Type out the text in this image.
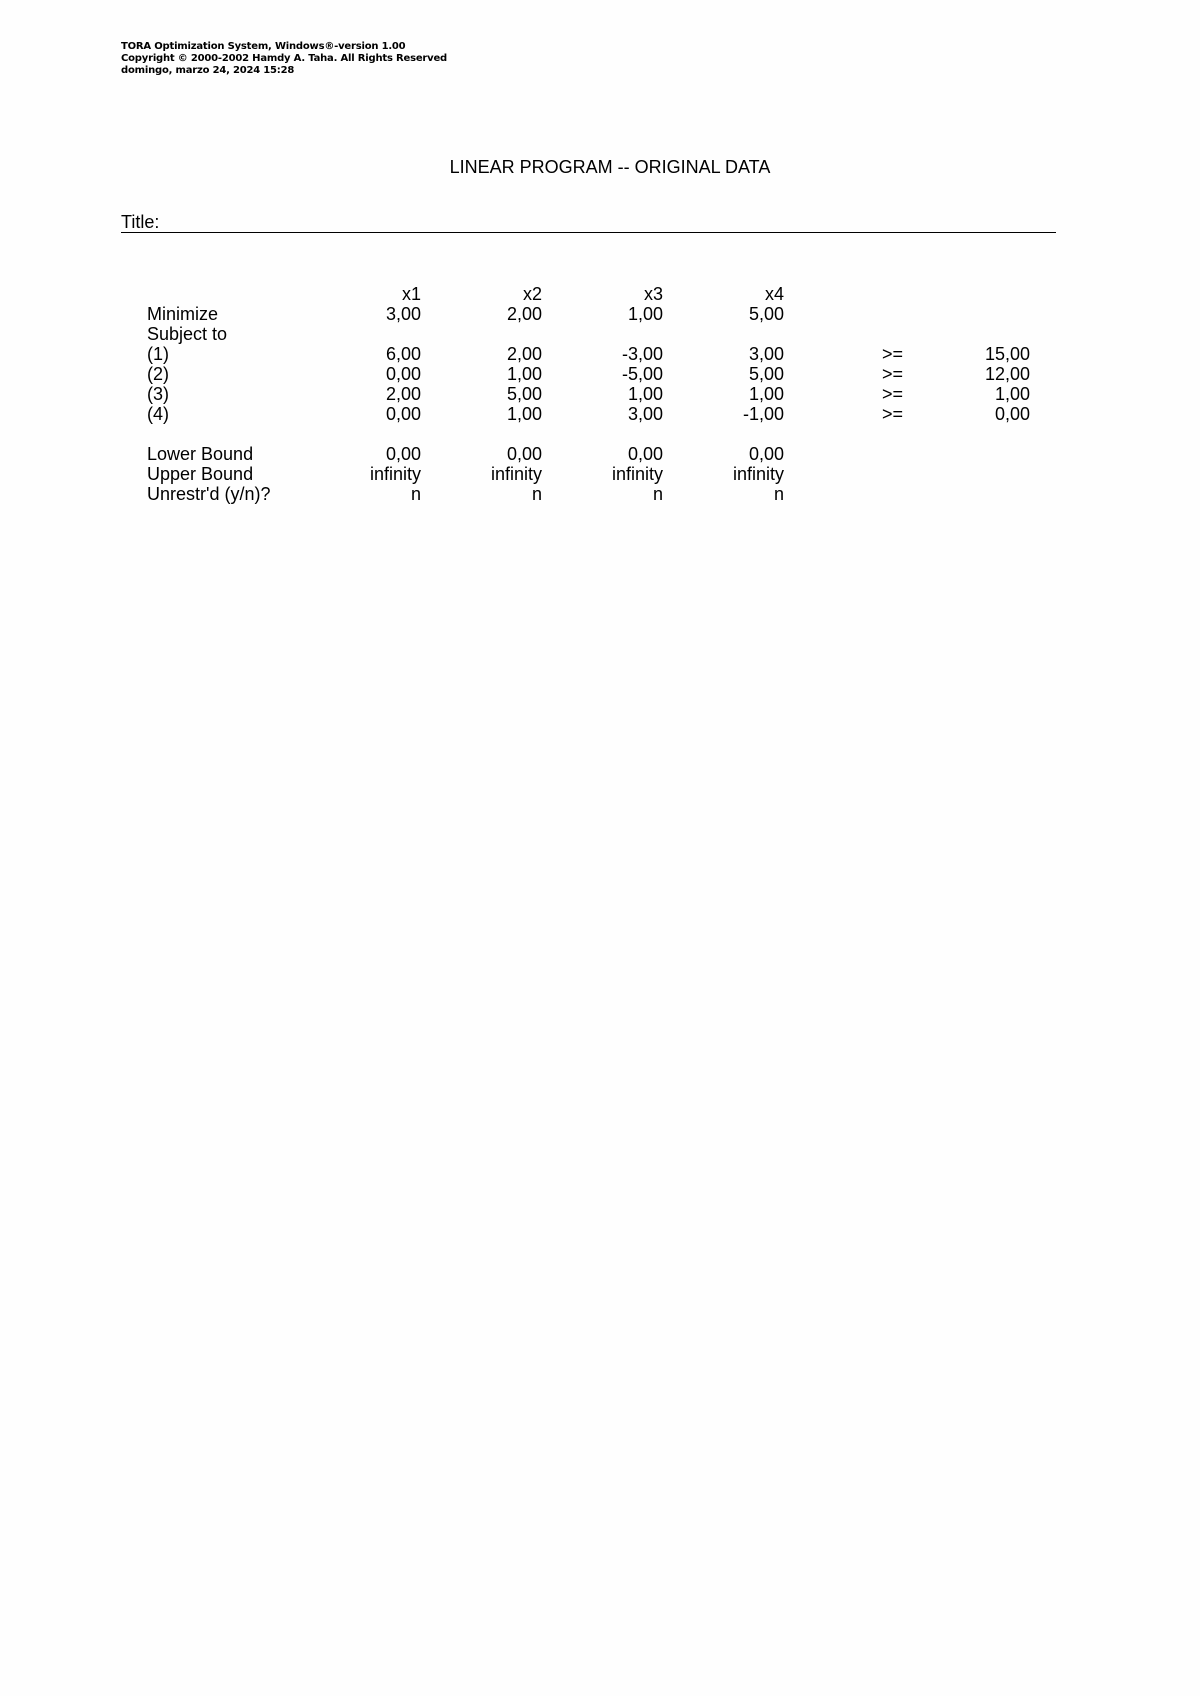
TORA Optimization System, Windows®-version 1.00
Copyright © 2000-2002 Hamdy A. Taha. All Rights Reserved
domingo, marzo 24, 2024 15:28
LINEAR PROGRAM -- ORIGINAL DATA
Title:
	x1	x2	x3	x4			
Minimize	3,00	2,00	1,00	5,00			
Subject to							
(1)	6,00	2,00	-3,00	3,00		>=	15,00
(2)	0,00	1,00	-5,00	5,00		>=	12,00
(3)	2,00	5,00	1,00	1,00		>=	1,00
(4)	0,00	1,00	3,00	-1,00		>=	0,00

Lower Bound	0,00	0,00	0,00	0,00			
Upper Bound	infinity	infinity	infinity	infinity			
Unrestr'd (y/n)?	n	n	n	n			
